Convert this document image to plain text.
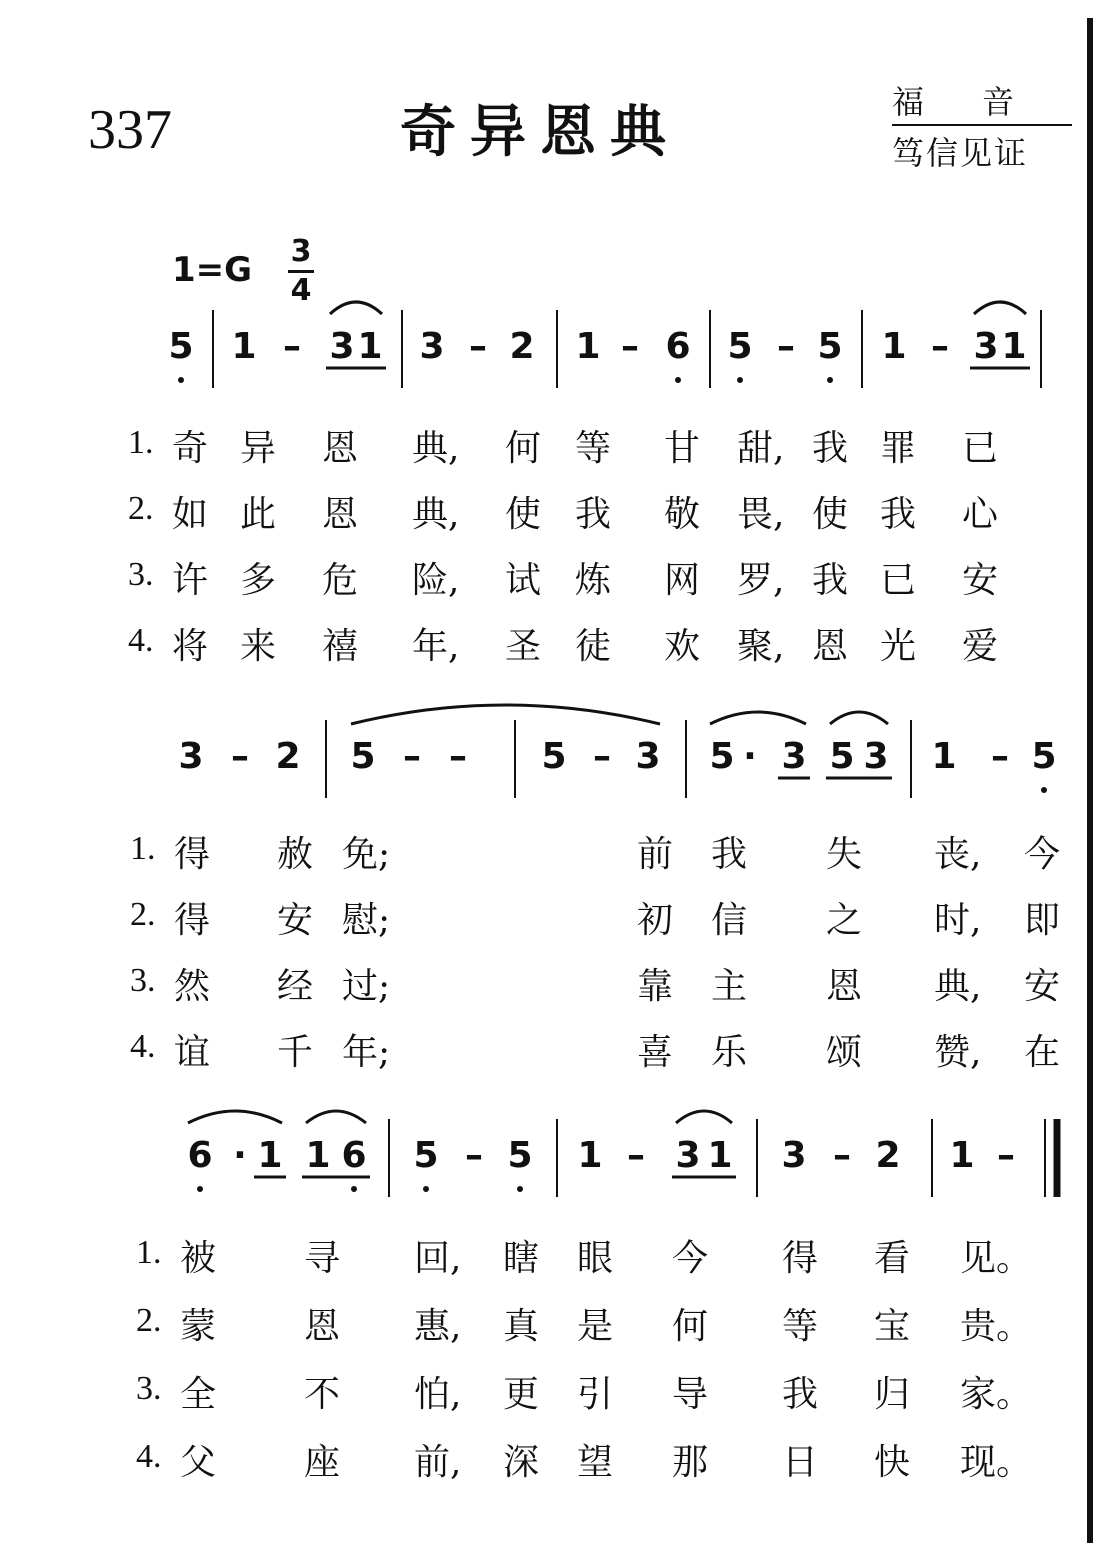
337	奇异恩典	福音
笃信见证
1=G 3
4
5 1 – 3 1 3 – 2 1 – 6 5 – 5 1 – 3 1
3 – 2 5 – – 5 – 3 5 · 3 5 3 1 – 5
6 · 1 1 6 5 – 5 1 – 3 1 3 – 2 1 –
1. 奇 异 恩 典, 何 等 甘 甜, 我 罪 已
2. 如 此 恩 典, 使 我 敬 畏, 使 我 心
3. 许 多 危 险, 试 炼 网 罗, 我 已 安
4. 将 来 禧 年, 圣 徒 欢 聚, 恩 光 爱
1. 得 赦 免;	前 我 失 丧, 今
2. 得 安 慰;	初 信 之 时, 即
3. 然 经 过;	靠 主 恩 典, 安
4. 谊 千 年;	喜 乐 颂 赞, 在
1. 被 寻 回, 瞎 眼 今 得 看 见。
2. 蒙 恩 惠, 真 是 何 等 宝 贵。
3. 全 不 怕, 更 引 导 我 归 家。
4. 父 座 前, 深 望 那 日 快 现。
